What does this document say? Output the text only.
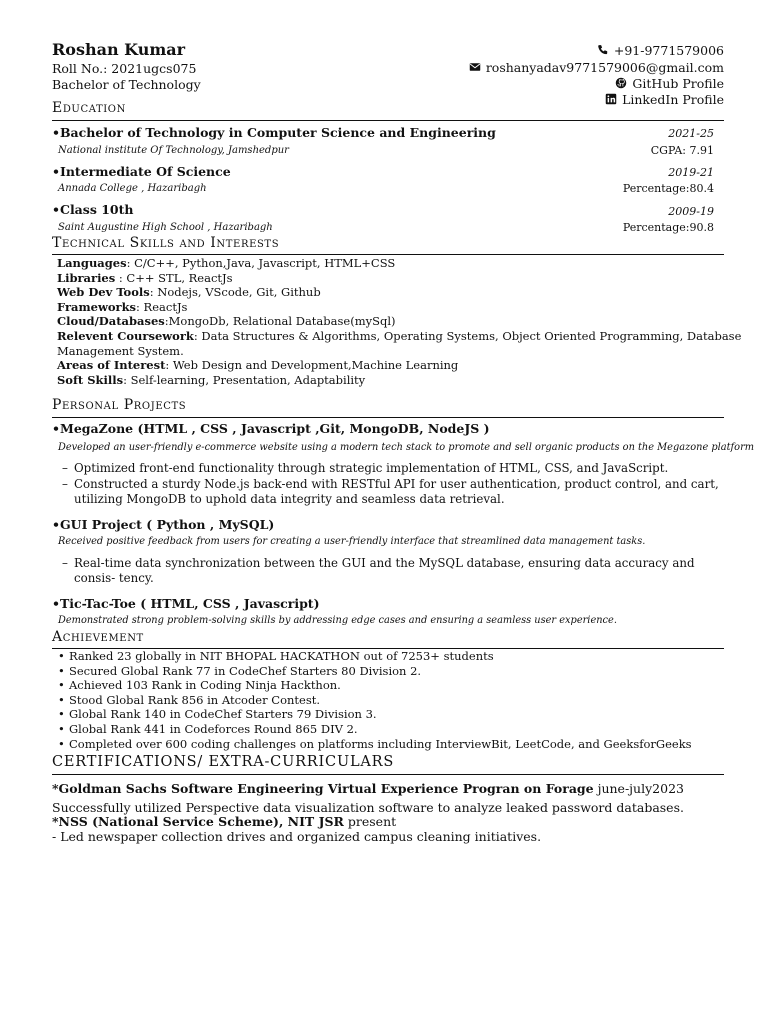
Roshan Kumar
Roll No.: 2021ugcs075
Bachelor of Technology
+91-9771579006
roshanyadav9771579006@gmail.com
GitHub Profile
LinkedIn Profile
Education
•Bachelor of Technology in Computer Science and Engineering	2021-25
National institute Of Technology, Jamshedpur	CGPA: 7.91
•Intermediate Of Science	2019-21
Annada College , Hazaribagh	Percentage:80.4
•Class 10th	2009-19
Saint Augustine High School , Hazaribagh	Percentage:90.8
Technical Skills and Interests
Languages: C/C++, Python,Java, Javascript, HTML+CSS
Libraries : C++ STL, ReactJs
Web Dev Tools: Nodejs, VScode, Git, Github
Frameworks: ReactJs
Cloud/Databases:MongoDb, Relational Database(mySql)
Relevent Coursework: Data Structures & Algorithms, Operating Systems, Object Oriented Programming, Database
Management System.
Areas of Interest: Web Design and Development,Machine Learning
Soft Skills: Self-learning, Presentation, Adaptability
Personal Projects
•MegaZone (HTML , CSS , Javascript ,Git, MongoDB, NodeJS )
Developed an user-friendly e-commerce website using a modern tech stack to promote and sell organic products on the Megazone platform
– Optimized front-end functionality through strategic implementation of HTML, CSS, and JavaScript.
– Constructed a sturdy Node.js back-end with RESTful API for user authentication, product control, and cart, utilizing MongoDB to uphold data integrity and seamless data retrieval.
•GUI Project ( Python , MySQL)
Received positive feedback from users for creating a user-friendly interface that streamlined data management tasks.
– Real-time data synchronization between the GUI and the MySQL database, ensuring data accuracy and consis- tency.
•Tic-Tac-Toe ( HTML, CSS , Javascript)
Demonstrated strong problem-solving skills by addressing edge cases and ensuring a seamless user experience.
Achievement
• Ranked 23 globally in NIT BHOPAL HACKATHON out of 7253+ students
• Secured Global Rank 77 in CodeChef Starters 80 Division 2.
• Achieved 103 Rank in Coding Ninja Hackthon.
• Stood Global Rank 856 in Atcoder Contest.
• Global Rank 140 in CodeChef Starters 79 Division 3.
• Global Rank 441 in Codeforces Round 865 DIV 2.
• Completed over 600 coding challenges on platforms including InterviewBit, LeetCode, and GeeksforGeeks
CERTIFICATIONS/ EXTRA-CURRICULARS
*Goldman Sachs Software Engineering Virtual Experience Progran on Forage june-july2023
Successfully utilized Perspective data visualization software to analyze leaked password databases.
*NSS (National Service Scheme), NIT JSR present
- Led newspaper collection drives and organized campus cleaning initiatives.
